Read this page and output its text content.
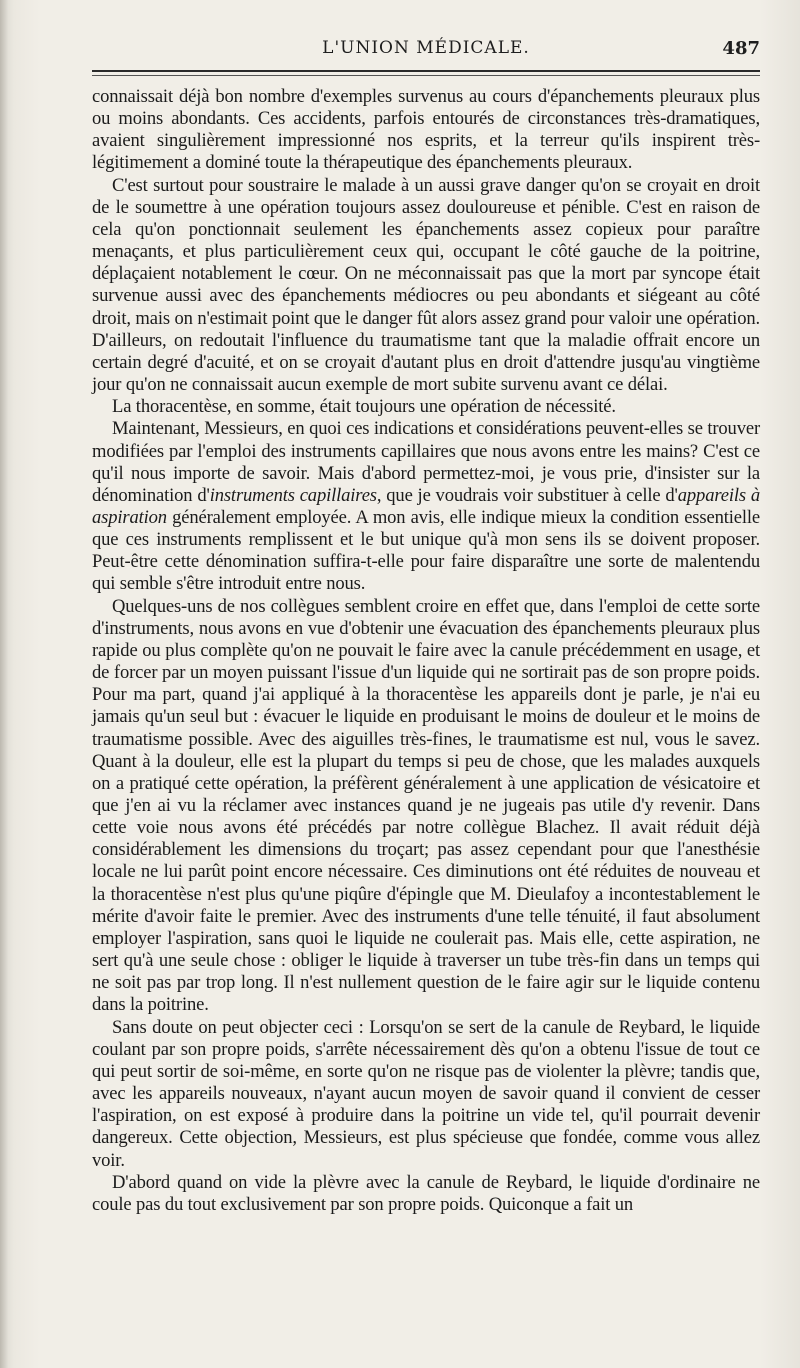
L'UNION MÉDICALE.	487

connaissait déjà bon nombre d'exemples survenus au cours d'épanchements pleuraux plus ou moins abondants. Ces accidents, parfois entourés de circonstances très-dramatiques, avaient singulièrement impressionné nos esprits, et la terreur qu'ils inspirent très-légitimement a dominé toute la thérapeutique des épanchements pleuraux.

C'est surtout pour soustraire le malade à un aussi grave danger qu'on se croyait en droit de le soumettre à une opération toujours assez douloureuse et pénible. C'est en raison de cela qu'on ponctionnait seulement les épanchements assez copieux pour paraître menaçants, et plus particulièrement ceux qui, occupant le côté gauche de la poitrine, déplaçaient notablement le cœur. On ne méconnaissait pas que la mort par syncope était survenue aussi avec des épanchements médiocres ou peu abondants et siégeant au côté droit, mais on n'estimait point que le danger fût alors assez grand pour valoir une opération. D'ailleurs, on redoutait l'influence du traumatisme tant que la maladie offrait encore un certain degré d'acuité, et on se croyait d'autant plus en droit d'attendre jusqu'au vingtième jour qu'on ne connaissait aucun exemple de mort subite survenu avant ce délai.

La thoracentèse, en somme, était toujours une opération de nécessité.

Maintenant, Messieurs, en quoi ces indications et considérations peuvent-elles se trouver modifiées par l'emploi des instruments capillaires que nous avons entre les mains? C'est ce qu'il nous importe de savoir. Mais d'abord permettez-moi, je vous prie, d'insister sur la dénomination d'instruments capillaires, que je voudrais voir substituer à celle d'appareils à aspiration généralement employée. A mon avis, elle indique mieux la condition essentielle que ces instruments remplissent et le but unique qu'à mon sens ils se doivent proposer. Peut-être cette dénomination suffira-t-elle pour faire disparaître une sorte de malentendu qui semble s'être introduit entre nous.

Quelques-uns de nos collègues semblent croire en effet que, dans l'emploi de cette sorte d'instruments, nous avons en vue d'obtenir une évacuation des épanchements pleuraux plus rapide ou plus complète qu'on ne pouvait le faire avec la canule précédemment en usage, et de forcer par un moyen puissant l'issue d'un liquide qui ne sortirait pas de son propre poids. Pour ma part, quand j'ai appliqué à la thoracentèse les appareils dont je parle, je n'ai eu jamais qu'un seul but : évacuer le liquide en produisant le moins de douleur et le moins de traumatisme possible. Avec des aiguilles très-fines, le traumatisme est nul, vous le savez. Quant à la douleur, elle est la plupart du temps si peu de chose, que les malades auxquels on a pratiqué cette opération, la préfèrent généralement à une application de vésicatoire et que j'en ai vu la réclamer avec instances quand je ne jugeais pas utile d'y revenir. Dans cette voie nous avons été précédés par notre collègue Blachez. Il avait réduit déjà considérablement les dimensions du troçart; pas assez cependant pour que l'anesthésie locale ne lui parût point encore nécessaire. Ces diminutions ont été réduites de nouveau et la thoracentèse n'est plus qu'une piqûre d'épingle que M. Dieulafoy a incontestablement le mérite d'avoir faite le premier. Avec des instruments d'une telle ténuité, il faut absolument employer l'aspiration, sans quoi le liquide ne coulerait pas. Mais elle, cette aspiration, ne sert qu'à une seule chose : obliger le liquide à traverser un tube très-fin dans un temps qui ne soit pas par trop long. Il n'est nullement question de le faire agir sur le liquide contenu dans la poitrine.

Sans doute on peut objecter ceci : Lorsqu'on se sert de la canule de Reybard, le liquide coulant par son propre poids, s'arrête nécessairement dès qu'on a obtenu l'issue de tout ce qui peut sortir de soi-même, en sorte qu'on ne risque pas de violenter la plèvre; tandis que, avec les appareils nouveaux, n'ayant aucun moyen de savoir quand il convient de cesser l'aspiration, on est exposé à produire dans la poitrine un vide tel, qu'il pourrait devenir dangereux. Cette objection, Messieurs, est plus spécieuse que fondée, comme vous allez voir.

D'abord quand on vide la plèvre avec la canule de Reybard, le liquide d'ordinaire ne coule pas du tout exclusivement par son propre poids. Quiconque a fait un
